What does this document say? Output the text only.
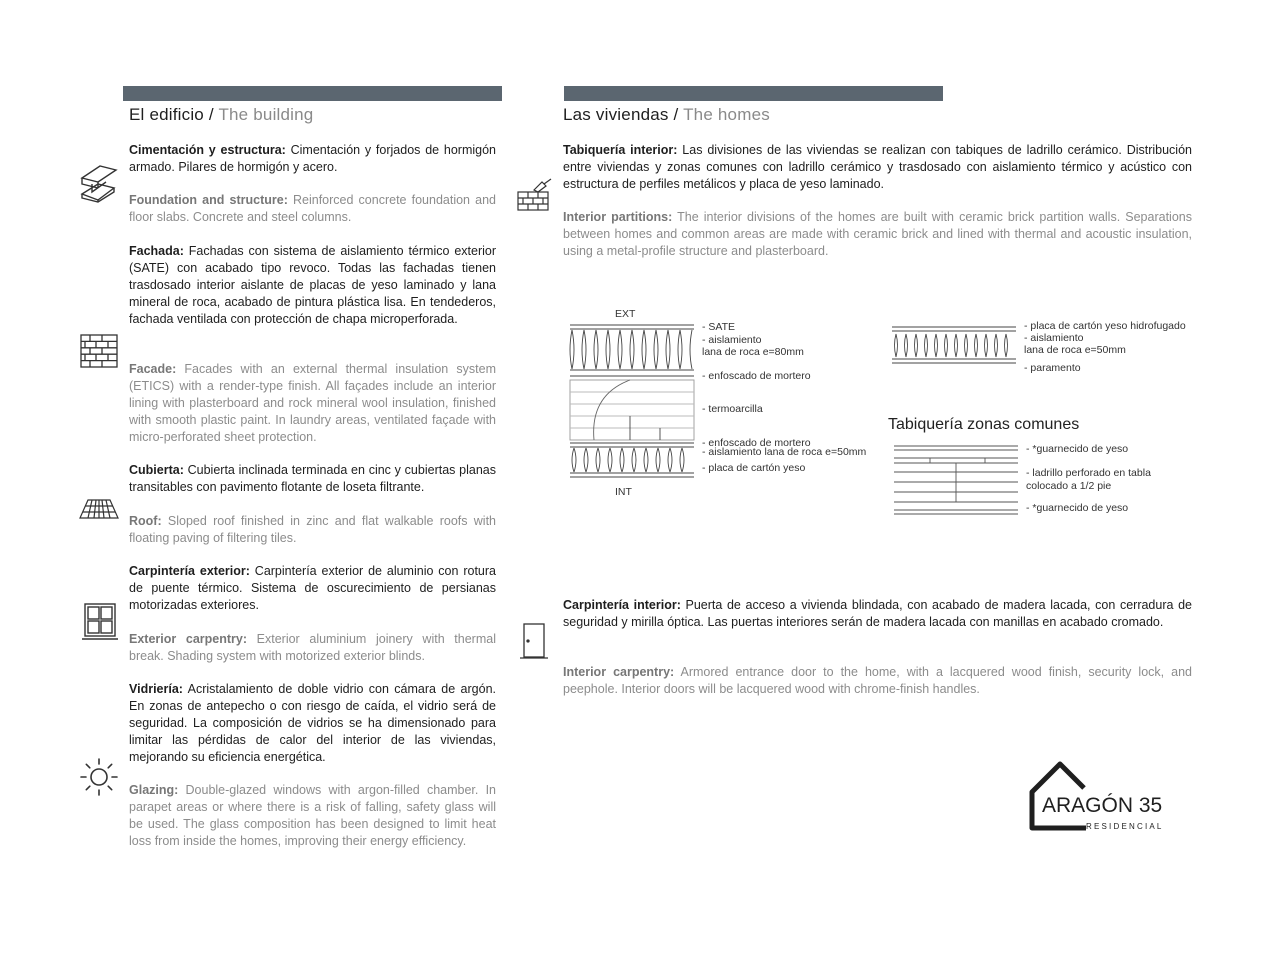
El edificio / The building

Cimentación y estructura: Cimentación y forjados de hormigón armado. Pilares de hormigón y acero.

Foundation and structure: Reinforced concrete foundation and floor slabs. Concrete and steel columns.

Fachada: Fachadas con sistema de aislamiento térmico exterior (SATE) con acabado tipo revoco. Todas las fachadas tienen trasdosado interior aislante de placas de yeso laminado y lana mineral de roca, acabado de pintura plástica lisa. En tendederos, fachada ventilada con protección de chapa microperforada.

Facade: Facades with an external thermal insulation system (ETICS) with a render-type finish. All façades include an interior lining with plasterboard and rock mineral wool insulation, finished with smooth plastic paint. In laundry areas, ventilated façade with micro-perforated sheet protection.

Cubierta: Cubierta inclinada terminada en cinc y cubiertas planas transitables con pavimento flotante de loseta filtrante.

Roof: Sloped roof finished in zinc and flat walkable roofs with floating paving of filtering tiles.

Carpintería exterior: Carpintería exterior de aluminio con rotura de puente térmico. Sistema de oscurecimiento de persianas motorizadas exteriores.

Exterior carpentry: Exterior aluminium joinery with thermal break. Shading system with motorized exterior blinds.

Vidriería: Acristalamiento de doble vidrio con cámara de argón. En zonas de antepecho o con riesgo de caída, el vidrio será de seguridad. La composición de vidrios se ha dimensionado para limitar las pérdidas de calor del interior de las viviendas, mejorando su eficiencia energética.

Glazing: Double-glazed windows with argon-filled chamber. In parapet areas or where there is a risk of falling, safety glass will be used. The glass composition has been designed to limit heat loss from inside the homes, improving their energy efficiency.

Las viviendas / The homes

Tabiquería interior: Las divisiones de las viviendas se realizan con tabiques de ladrillo cerámico. Distribución entre viviendas y zonas comunes con ladrillo cerámico y trasdosado con aislamiento térmico y acústico con estructura de perfiles metálicos y placa de yeso laminado.

Interior partitions: The interior divisions of the homes are built with ceramic brick partition walls. Separations between homes and common areas are made with ceramic brick and lined with thermal and acoustic insulation, using a metal-profile structure and plasterboard.

EXT
INT
- SATE
- aislamiento
lana de roca e=80mm
- enfoscado de mortero
- termoarcilla
- enfoscado de mortero
- aislamiento lana de roca e=50mm
- placa de cartón yeso
- placa de cartón yeso hidrofugado
- aislamiento
lana de roca e=50mm
- paramento
Tabiquería zonas comunes
- *guarnecido de yeso
- ladrillo perforado en tabla
colocado a 1/2 pie
- *guarnecido de yeso

Carpintería interior: Puerta de acceso a vivienda blindada, con acabado de madera lacada, con cerradura de seguridad y mirilla óptica. Las puertas interiores serán de madera lacada con manillas en acabado cromado.

Interior carpentry: Armored entrance door to the home, with a lacquered wood finish, security lock, and peephole. Interior doors will be lacquered wood with chrome-finish handles.

ARAGÓN 35
RESIDENCIAL
